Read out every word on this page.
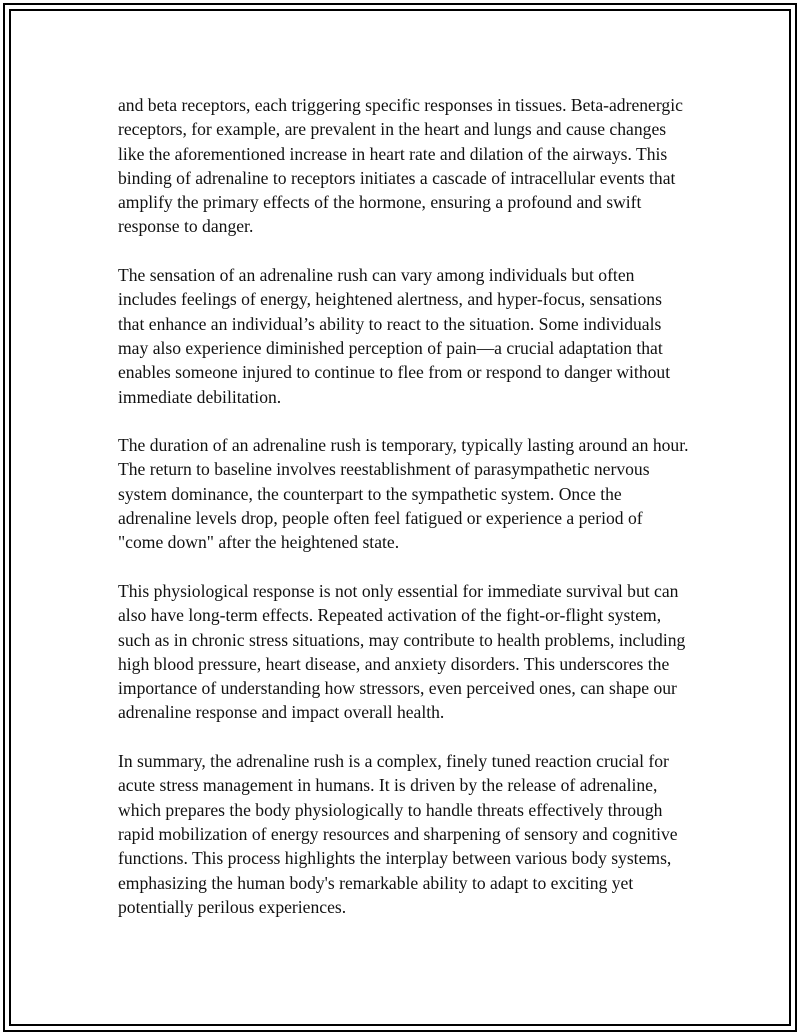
and beta receptors, each triggering specific responses in tissues. Beta-adrenergic receptors, for example, are prevalent in the heart and lungs and cause changes like the aforementioned increase in heart rate and dilation of the airways. This binding of adrenaline to receptors initiates a cascade of intracellular events that amplify the primary effects of the hormone, ensuring a profound and swift response to danger.

The sensation of an adrenaline rush can vary among individuals but often includes feelings of energy, heightened alertness, and hyper-focus, sensations that enhance an individual’s ability to react to the situation. Some individuals may also experience diminished perception of pain—a crucial adaptation that enables someone injured to continue to flee from or respond to danger without immediate debilitation.

The duration of an adrenaline rush is temporary, typically lasting around an hour. The return to baseline involves reestablishment of parasympathetic nervous system dominance, the counterpart to the sympathetic system. Once the adrenaline levels drop, people often feel fatigued or experience a period of "come down" after the heightened state.

This physiological response is not only essential for immediate survival but can also have long-term effects. Repeated activation of the fight-or-flight system, such as in chronic stress situations, may contribute to health problems, including high blood pressure, heart disease, and anxiety disorders. This underscores the importance of understanding how stressors, even perceived ones, can shape our adrenaline response and impact overall health.

In summary, the adrenaline rush is a complex, finely tuned reaction crucial for acute stress management in humans. It is driven by the release of adrenaline, which prepares the body physiologically to handle threats effectively through rapid mobilization of energy resources and sharpening of sensory and cognitive functions. This process highlights the interplay between various body systems, emphasizing the human body's remarkable ability to adapt to exciting yet potentially perilous experiences.
